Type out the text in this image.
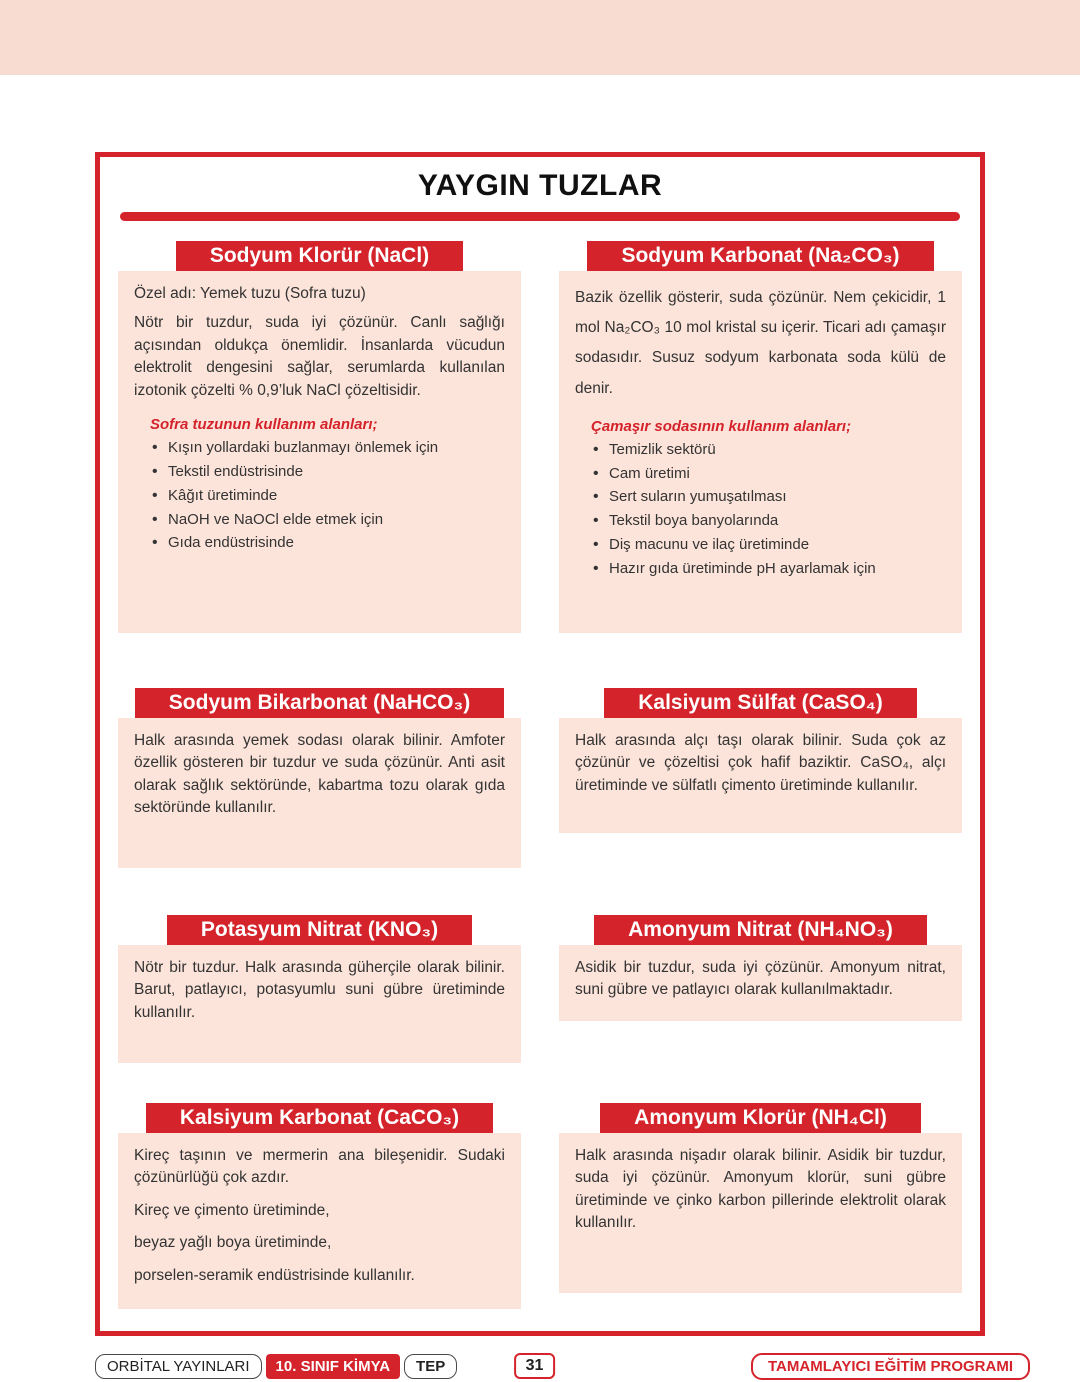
YAYGIN TUZLAR
Sodyum Klorür (NaCl)

Özel adı: Yemek tuzu (Sofra tuzu)

Nötr bir tuzdur, suda iyi çözünür. Canlı sağlığı açısından oldukça önemlidir. İnsanlarda vücudun elektrolit dengesini sağlar, serumlarda kullanılan izotonik çözelti % 0,9’luk NaCl çözeltisidir.

Sofra tuzunun kullanım alanları;
• Kışın yollardaki buzlanmayı önlemek için
• Tekstil endüstrisinde
• Kâğıt üretiminde
• NaOH ve NaOCl elde etmek için
• Gıda endüstrisinde
Sodyum Karbonat (Na₂CO₃)

Bazik özellik gösterir, suda çözünür. Nem çekicidir, 1 mol Na₂CO₃ 10 mol kristal su içerir. Ticari adı çamaşır sodasıdır. Susuz sodyum karbonata soda külü de denir.

Çamaşır sodasının kullanım alanları;
• Temizlik sektörü
• Cam üretimi
• Sert suların yumuşatılması
• Tekstil boya banyolarında
• Diş macunu ve ilaç üretiminde
• Hazır gıda üretiminde pH ayarlamak için
Sodyum Bikarbonat (NaHCO₃)

Halk arasında yemek sodası olarak bilinir. Amfoter özellik gösteren bir tuzdur ve suda çözünür. Anti asit olarak sağlık sektöründe, kabartma tozu olarak gıda sektöründe kullanılır.

Kalsiyum Sülfat (CaSO₄)

Halk arasında alçı taşı olarak bilinir. Suda çok az çözünür ve çözeltisi çok hafif baziktir. CaSO₄, alçı üretiminde ve sülfatlı çimento üretiminde kullanılır.

Potasyum Nitrat (KNO₃)

Nötr bir tuzdur. Halk arasında güherçile olarak bilinir. Barut, patlayıcı, potasyumlu suni gübre üretiminde kullanılır.

Amonyum Nitrat (NH₄NO₃)

Asidik bir tuzdur, suda iyi çözünür. Amonyum nitrat, suni gübre ve patlayıcı olarak kullanılmaktadır.

Kalsiyum Karbonat (CaCO₃)

Kireç taşının ve mermerin ana bileşenidir. Sudaki çözünürlüğü çok azdır.

Kireç ve çimento üretiminde,

beyaz yağlı boya üretiminde,

porselen-seramik endüstrisinde kullanılır.

Amonyum Klorür (NH₄Cl)

Halk arasında nişadır olarak bilinir. Asidik bir tuzdur, suda iyi çözünür. Amonyum klorür, suni gübre üretiminde ve çinko karbon pillerinde elektrolit olarak kullanılır.

ORBİTAL YAYINLARI	10. SINIF KİMYA	TEP	31	TAMAMLAYICI EĞİTİM PROGRAMI
